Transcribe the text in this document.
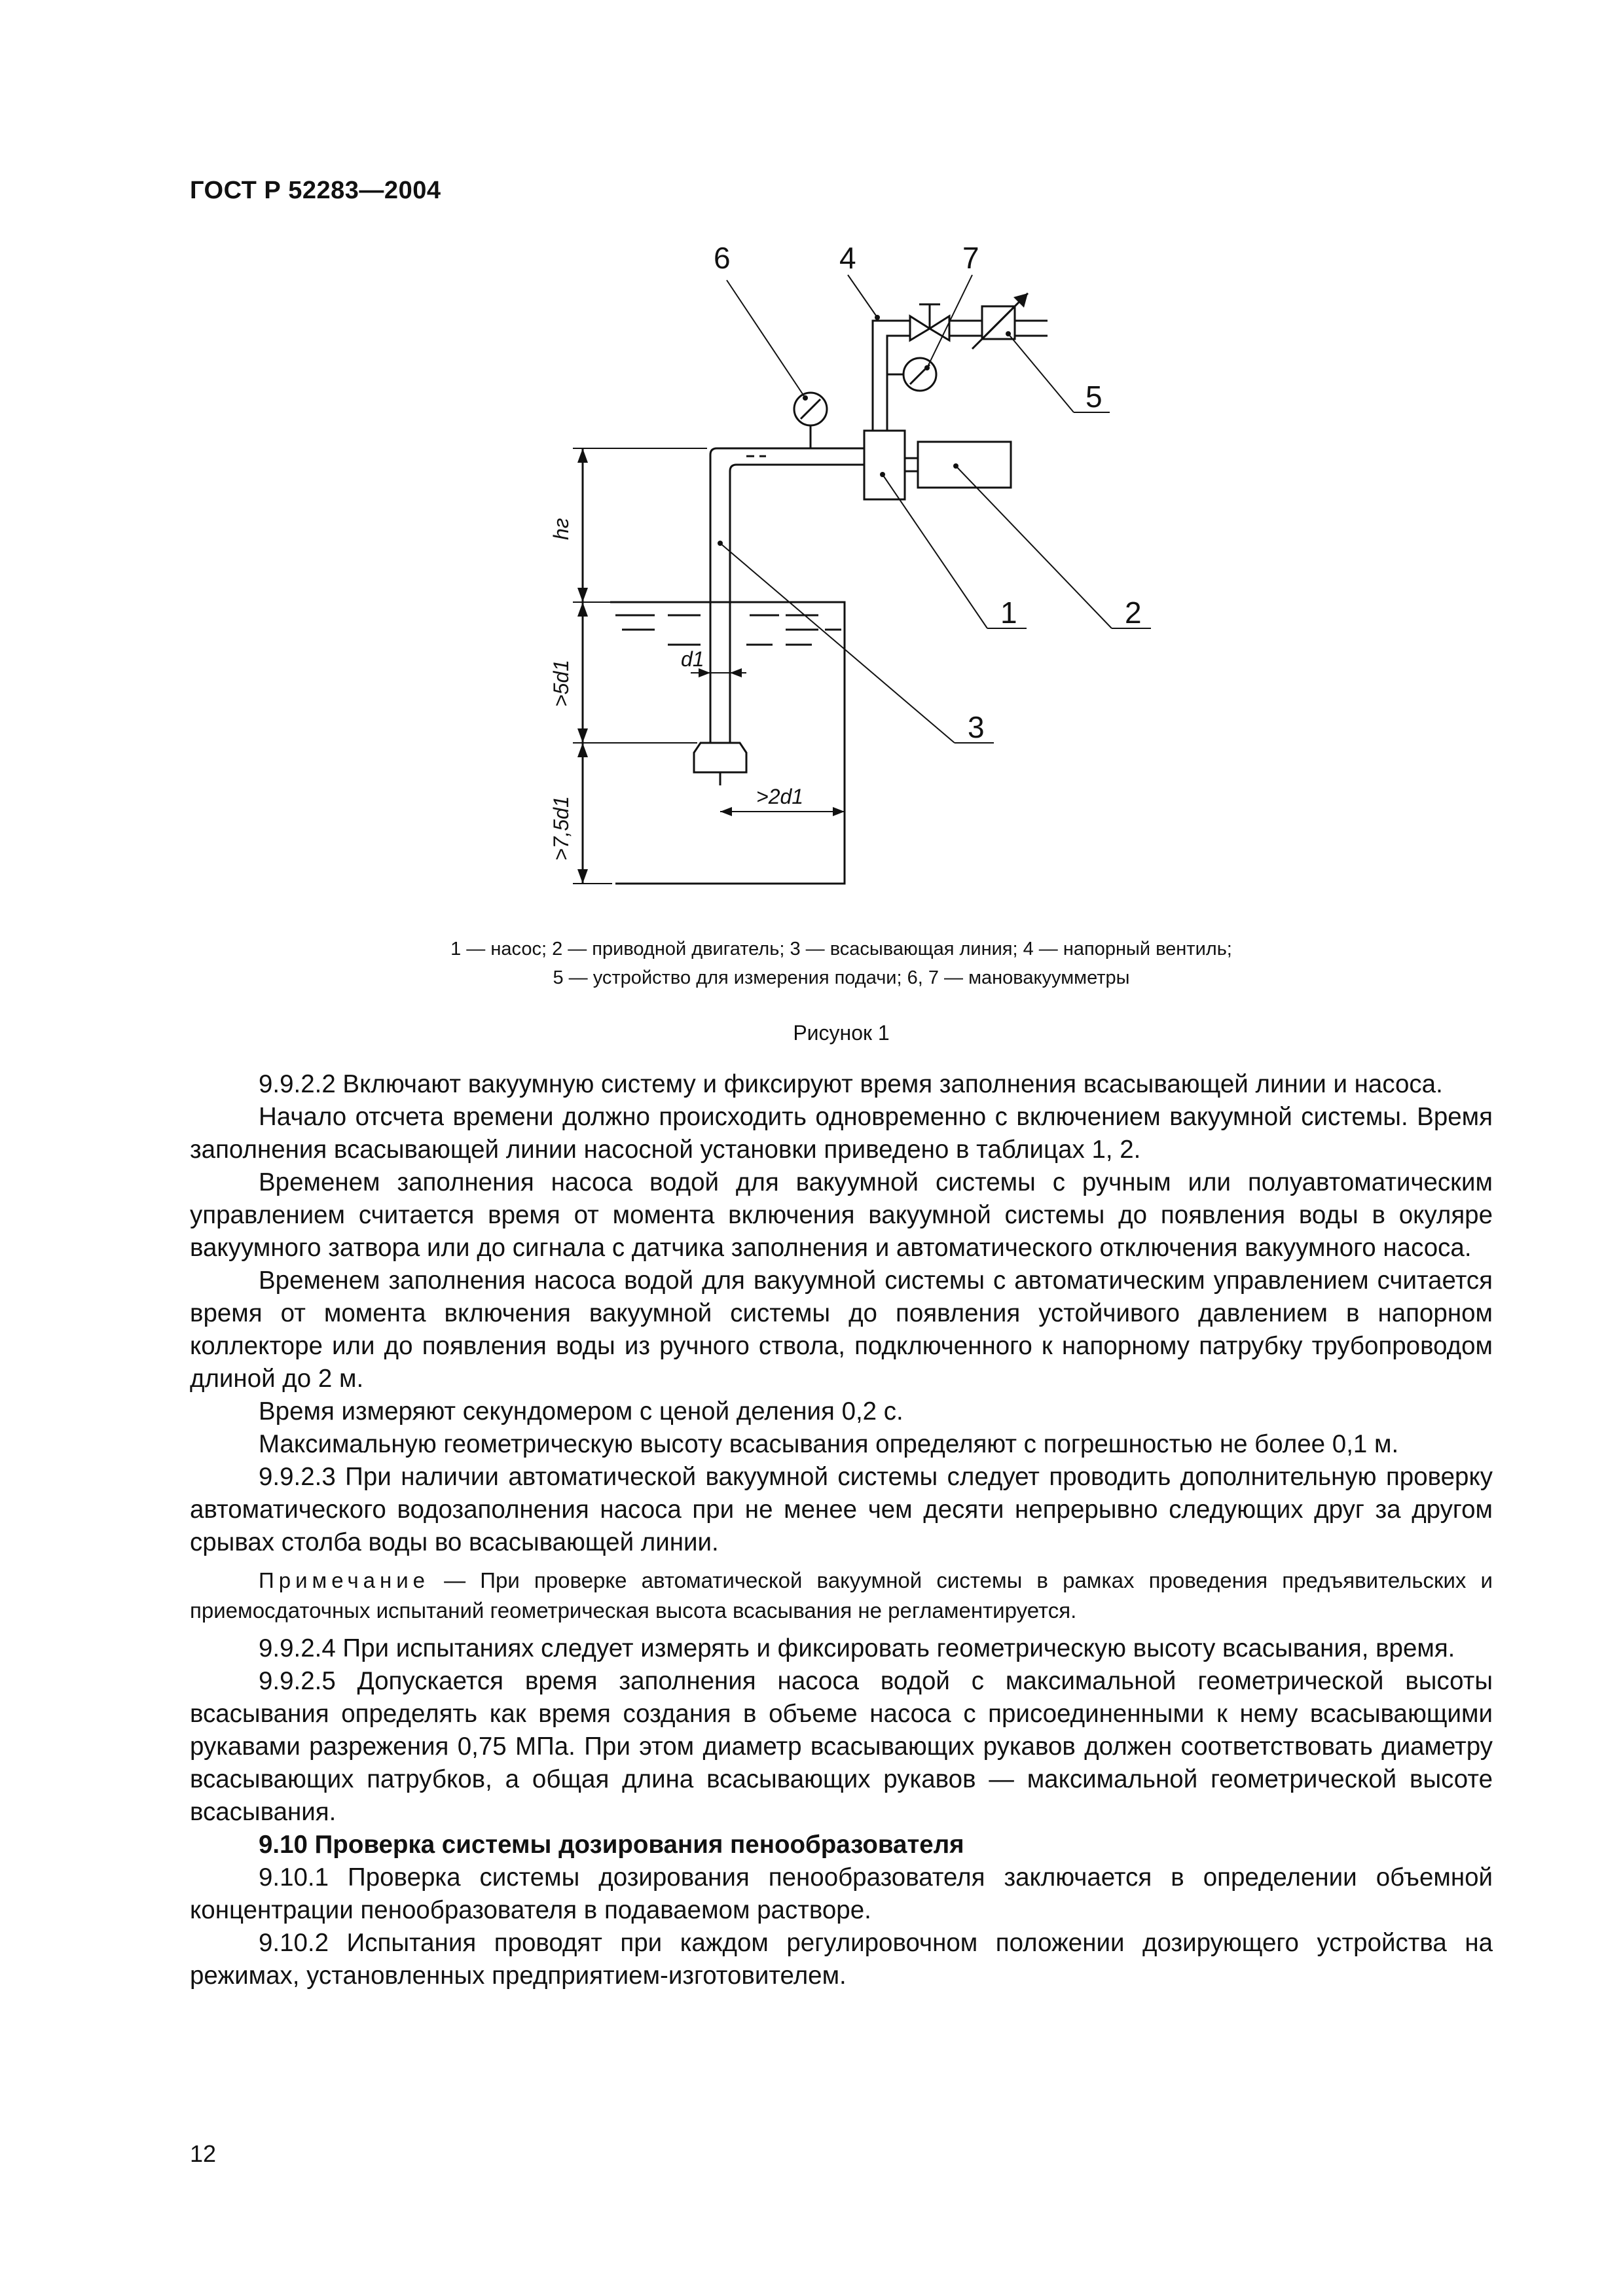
ГОСТ Р 52283—2004
6	4	7
5
1	2
3
d1
>2d1
hг
>5d1
>7,5d1
1 — насос; 2 — приводной двигатель; 3 — всасывающая линия; 4 — напорный вентиль;
5 — устройство для измерения подачи; 6, 7 — мановакуумметры
Рисунок 1

9.9.2.2 Включают вакуумную систему и фиксируют время заполнения всасывающей линии и насоса.

Начало отсчета времени должно происходить одновременно с включением вакуумной системы. Время заполнения всасывающей линии насосной установки приведено в таблицах 1, 2.

Временем заполнения насоса водой для вакуумной системы с ручным или полуавтоматическим управлением считается время от момента включения вакуумной системы до появления воды в окуляре вакуумного затвора или до сигнала с датчика заполнения и автоматического отключения вакуумного насоса.

Временем заполнения насоса водой для вакуумной системы с автоматическим управлением считается время от момента включения вакуумной системы до появления устойчивого давлением в напорном коллекторе или до появления воды из ручного ствола, подключенного к напорному патрубку трубопроводом длиной до 2 м.

Время измеряют секундомером с ценой деления 0,2 с.

Максимальную геометрическую высоту всасывания определяют с погрешностью не более 0,1 м.

9.9.2.3 При наличии автоматической вакуумной системы следует проводить дополнительную проверку автоматического водозаполнения насоса при не менее чем десяти непрерывно следующих друг за другом срывах столба воды во всасывающей линии.

Примечание — При проверке автоматической вакуумной системы в рамках проведения предъявительских и приемосдаточных испытаний геометрическая высота всасывания не регламентируется.

9.9.2.4 При испытаниях следует измерять и фиксировать геометрическую высоту всасывания, время.

9.9.2.5 Допускается время заполнения насоса водой с максимальной геометрической высоты всасывания определять как время создания в объеме насоса с присоединенными к нему всасывающими рукавами разрежения 0,75 МПа. При этом диаметр всасывающих рукавов должен соответствовать диаметру всасывающих патрубков, а общая длина всасывающих рукавов — максимальной геометрической высоте всасывания.

9.10 Проверка системы дозирования пенообразователя

9.10.1 Проверка системы дозирования пенообразователя заключается в определении объемной концентрации пенообразователя в подаваемом растворе.

9.10.2 Испытания проводят при каждом регулировочном положении дозирующего устройства на режимах, установленных предприятием-изготовителем.

12
